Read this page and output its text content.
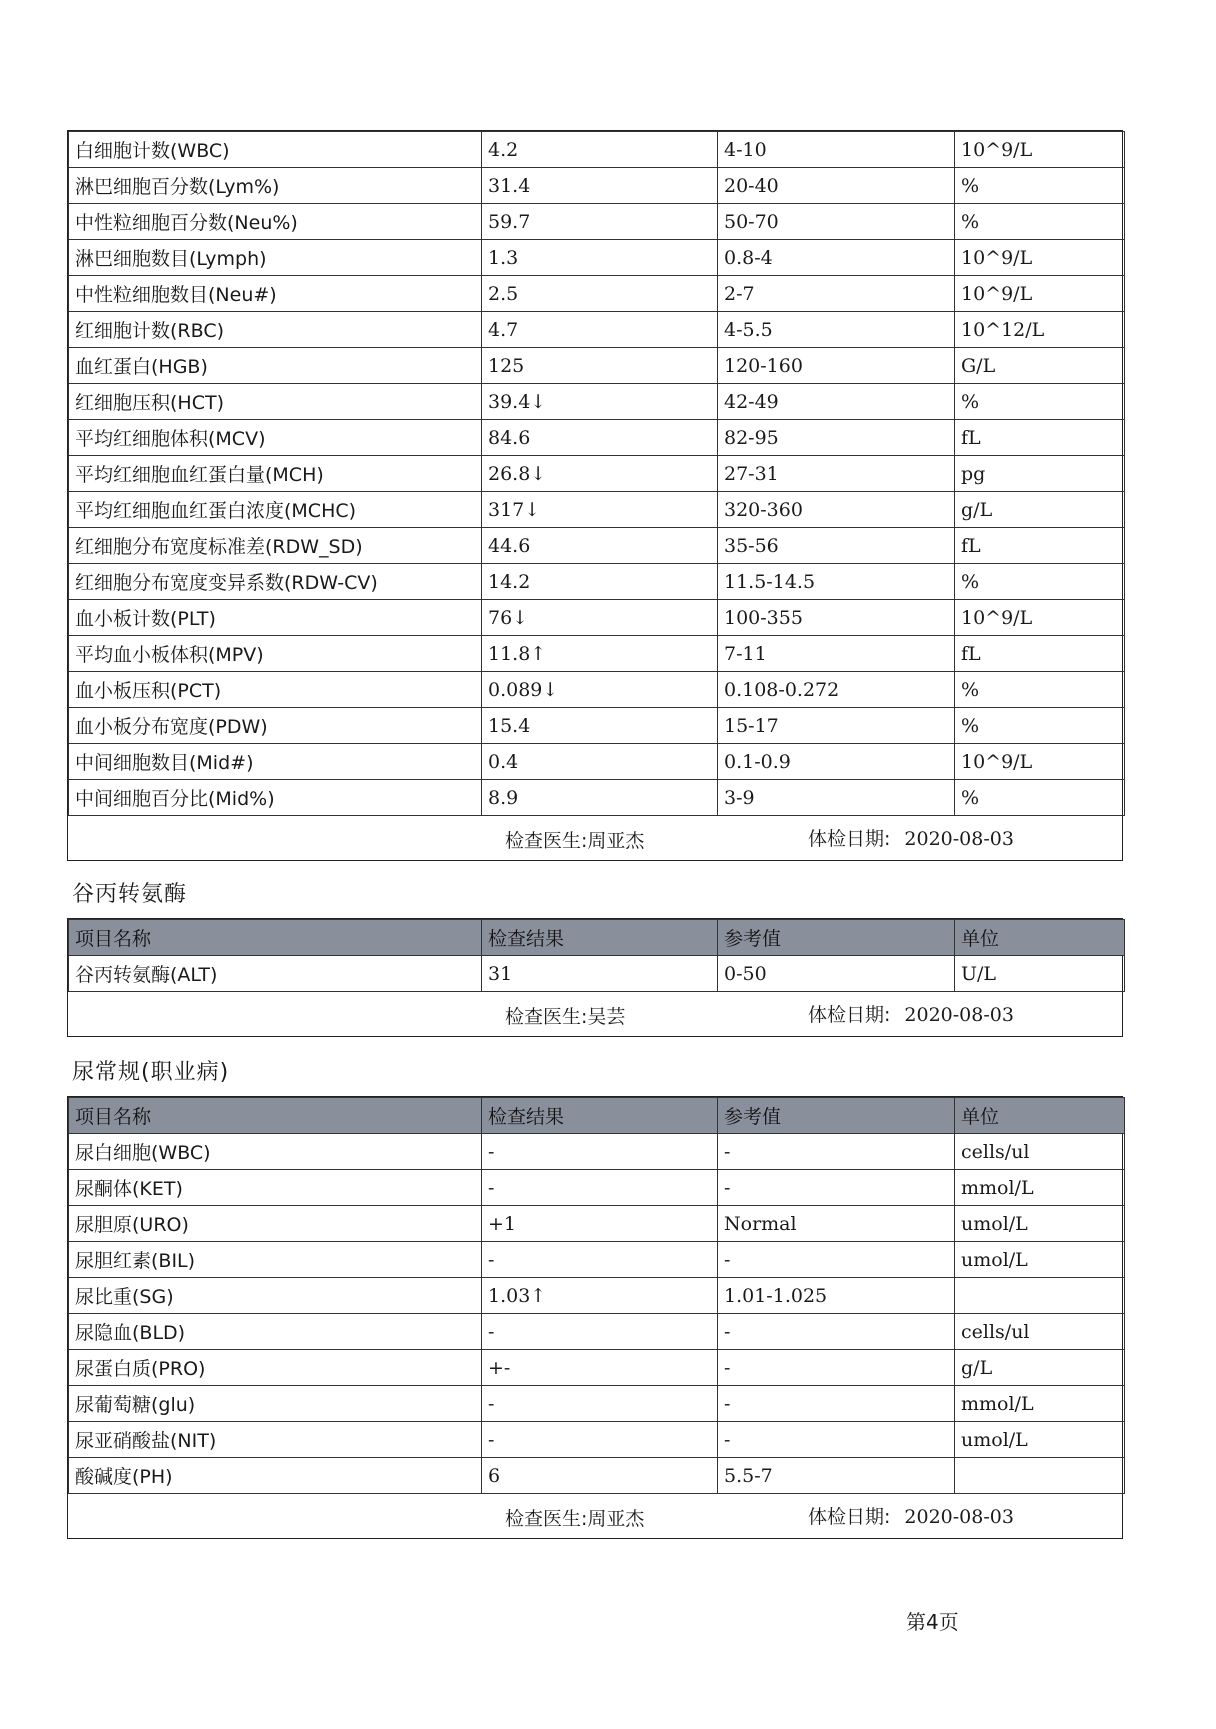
白细胞计数(WBC)	4.2	4-10	10^9/L
淋巴细胞百分数(Lym%)	31.4	20-40	%
中性粒细胞百分数(Neu%)	59.7	50-70	%
淋巴细胞数目(Lymph)	1.3	0.8-4	10^9/L
中性粒细胞数目(Neu#)	2.5	2-7	10^9/L
红细胞计数(RBC)	4.7	4-5.5	10^12/L
血红蛋白(HGB)	125	120-160	G/L
红细胞压积(HCT)	39.4↓	42-49	%
平均红细胞体积(MCV)	84.6	82-95	fL
平均红细胞血红蛋白量(MCH)	26.8↓	27-31	pg
平均红细胞血红蛋白浓度(MCHC)	317↓	320-360	g/L
红细胞分布宽度标准差(RDW_SD)	44.6	35-56	fL
红细胞分布宽度变异系数(RDW-CV)	14.2	11.5-14.5	%
血小板计数(PLT)	76↓	100-355	10^9/L
平均血小板体积(MPV)	11.8↑	7-11	fL
血小板压积(PCT)	0.089↓	0.108-0.272	%
血小板分布宽度(PDW)	15.4	15-17	%
中间细胞数目(Mid#)	0.4	0.1-0.9	10^9/L
中间细胞百分比(Mid%)	8.9	3-9	%
检查医生:周亚杰	体检日期: 2020-08-03
谷丙转氨酶
项目名称	检查结果	参考值	单位
谷丙转氨酶(ALT)	31	0-50	U/L
检查医生:吴芸	体检日期: 2020-08-03
尿常规(职业病)
项目名称	检查结果	参考值	单位
尿白细胞(WBC)	-	-	cells/ul
尿酮体(KET)	-	-	mmol/L
尿胆原(URO)	+1	Normal	umol/L
尿胆红素(BIL)	-	-	umol/L
尿比重(SG)	1.03↑	1.01-1.025	
尿隐血(BLD)	-	-	cells/ul
尿蛋白质(PRO)	+-	-	g/L
尿葡萄糖(glu)	-	-	mmol/L
尿亚硝酸盐(NIT)	-	-	umol/L
酸碱度(PH)	6	5.5-7	
检查医生:周亚杰	体检日期: 2020-08-03
第4页
